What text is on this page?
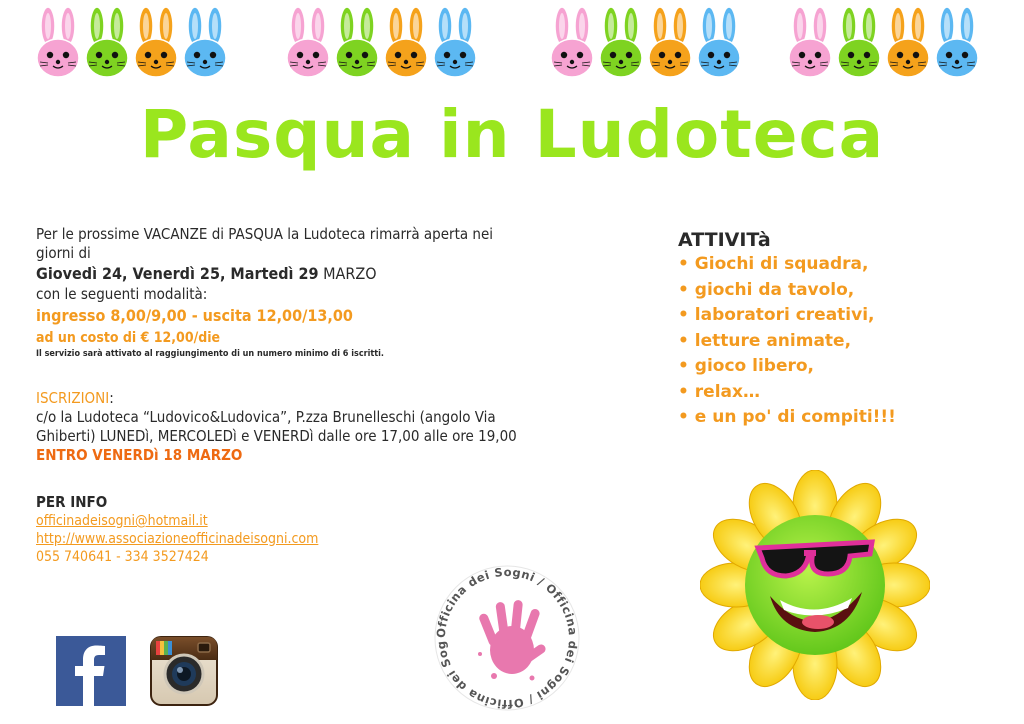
Pasqua in Ludoteca
Per le prossime VACANZE di PASQUA la Ludoteca rimarrà aperta nei
giorni di
Giovedì 24, Venerdì 25, Martedì 29 MARZO
con le seguenti modalità:
ingresso 8,00/9,00 - uscita 12,00/13,00
ad un costo di € 12,00/die
Il servizio sarà attivato al raggiungimento di un numero minimo di 6 iscritti.
ISCRIZIONI:
c/o la Ludoteca “Ludovico&Ludovica”, P.zza Brunelleschi (angolo Via
Ghiberti) LUNEDì, MERCOLEDì e VENERDì dalle ore 17,00 alle ore 19,00
ENTRO VENERDì 18 MARZO
PER INFO
officinadeisogni@hotmail.it
http://www.associazioneofficinadeisogni.com
055 740641 - 334 3527424
ATTIVITà
• Giochi di squadra,
• giochi da tavolo,
• laboratori creativi,
• letture animate,
• gioco libero,
• relax…
• e un po' di compiti!!!
Officina dei Sogni / Officina dei Sogni / Officina dei Sog
